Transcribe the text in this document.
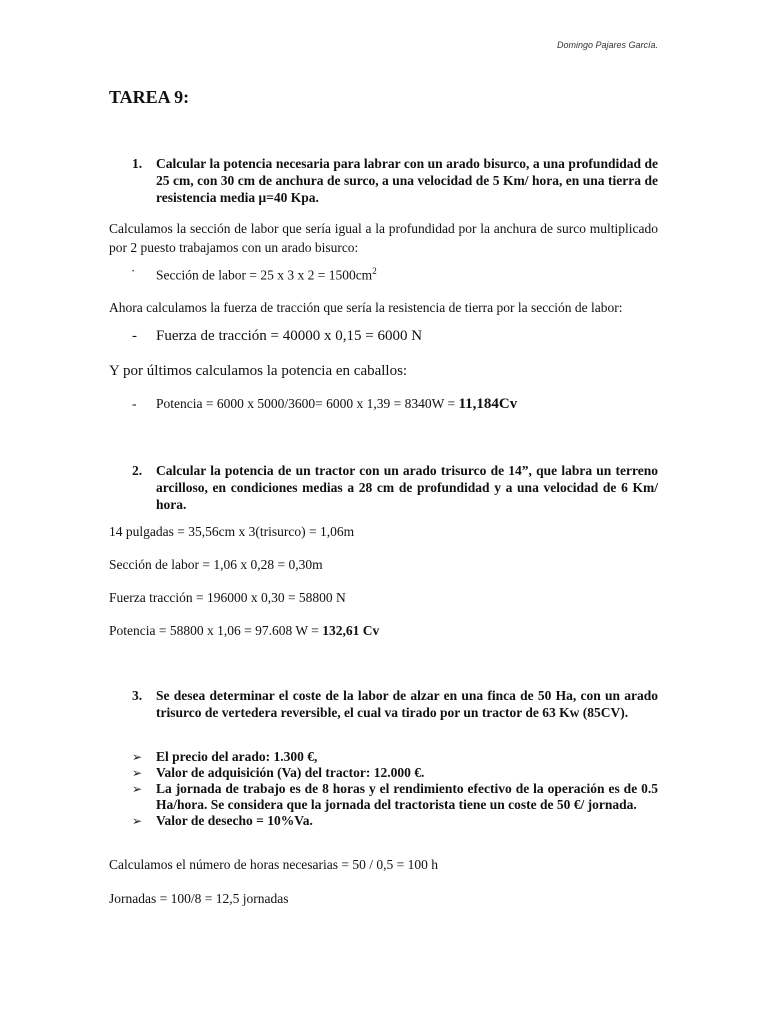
Domingo Pajares García.
TAREA 9:
1. Calcular la potencia necesaria para labrar con un arado bisurco, a una profundidad de 25 cm, con 30 cm de anchura de surco, a una velocidad de 5 Km/ hora, en una tierra de resistencia media μ=40 Kpa.
Calculamos la sección de labor que sería igual a la profundidad por la anchura de surco multiplicado por 2 puesto trabajamos con un arado bisurco:
· Sección de labor = 25 x 3 x $2 = 1500cm^2$
Ahora calculamos la fuerza de tracción que sería la resistencia de tierra por la sección de labor:
- Fuerza de tracción = 40000 x 0,15 = 6000 N
Y por últimos calculamos la potencia en caballos:
- Potencia = 6000 x 5000/3600= 6000 x 1,39 = 8340W = 11,184Cv
2. Calcular la potencia de un tractor con un arado trisurco de 14”, que labra un terreno arcilloso, en condiciones medias a 28 cm de profundidad y a una velocidad de 6 Km/ hora.
14 pulgadas = 35,56cm x 3(trisurco) = 1,06m
Sección de labor = 1,06 x 0,28 = 0,30m
Fuerza tracción = 196000 x 0,30 = 58800 N
Potencia = 58800 x 1,06 = 97.608 W = 132,61 Cv
3. Se desea determinar el coste de la labor de alzar en una finca de 50 Ha, con un arado trisurco de vertedera reversible, el cual va tirado por un tractor de 63 Kw (85CV).
➢ El precio del arado: 1.300 €,
➢ Valor de adquisición (Va) del tractor: 12.000 €.
➢ La jornada de trabajo es de 8 horas y el rendimiento efectivo de la operación es de 0.5 Ha/hora. Se considera que la jornada del tractorista tiene un coste de 50 €/ jornada.
➢ Valor de desecho = 10%Va.
Calculamos el número de horas necesarias = 50 / 0,5 = 100 h
Jornadas = 100/8 = 12,5 jornadas
